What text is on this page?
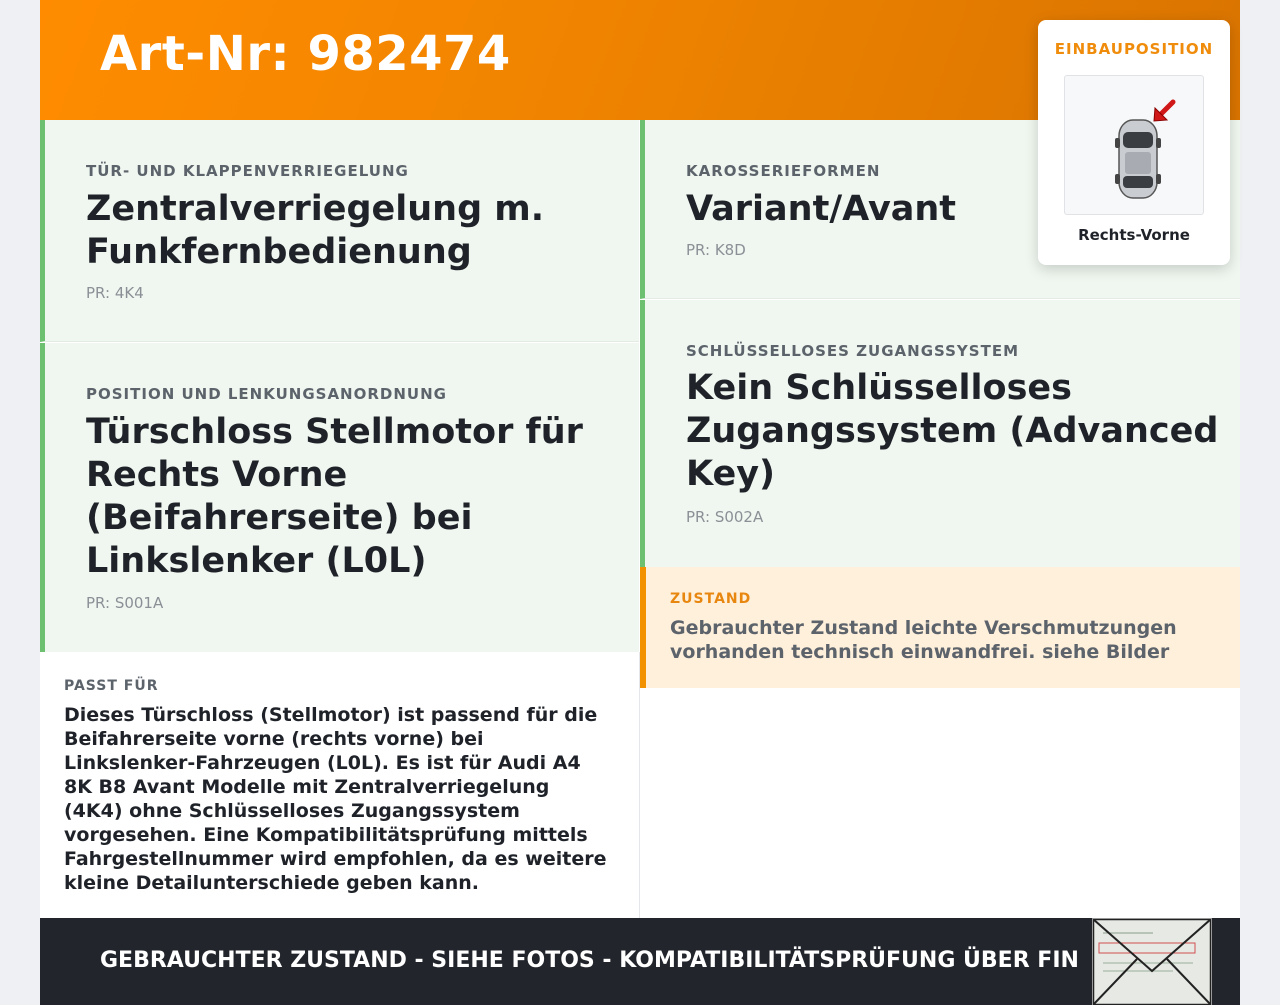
Art-Nr: 982474
TÜR- UND KLAPPENVERRIEGELUNG
Zentralverriegelung m.
Funkfernbedienung
PR: 4K4
POSITION UND LENKUNGSANORDNUNG
Türschloss Stellmotor für
Rechts Vorne
(Beifahrerseite) bei
Linkslenker (L0L)
PR: S001A
PASST FÜR
Dieses Türschloss (Stellmotor) ist passend für die Beifahrerseite vorne (rechts vorne) bei Linkslenker-Fahrzeugen (L0L). Es ist für Audi A4 8K B8 Avant Modelle mit Zentralverriegelung (4K4) ohne Schlüsselloses Zugangssystem vorgesehen. Eine Kompatibilitätsprüfung mittels Fahrgestellnummer wird empfohlen, da es weitere kleine Detailunterschiede geben kann.
KAROSSERIEFORMEN
Variant/Avant
PR: K8D
SCHLÜSSELLOSES ZUGANGSSYSTEM
Kein Schlüsselloses
Zugangssystem (Advanced
Key)
PR: S002A
ZUSTAND
Gebrauchter Zustand leichte Verschmutzungen vorhanden technisch einwandfrei. siehe Bilder
GEBRAUCHTER ZUSTAND - SIEHE FOTOS - KOMPATIBILITÄTSPRÜFUNG ÜBER FIN
EINBAUPOSITION
Rechts-Vorne
